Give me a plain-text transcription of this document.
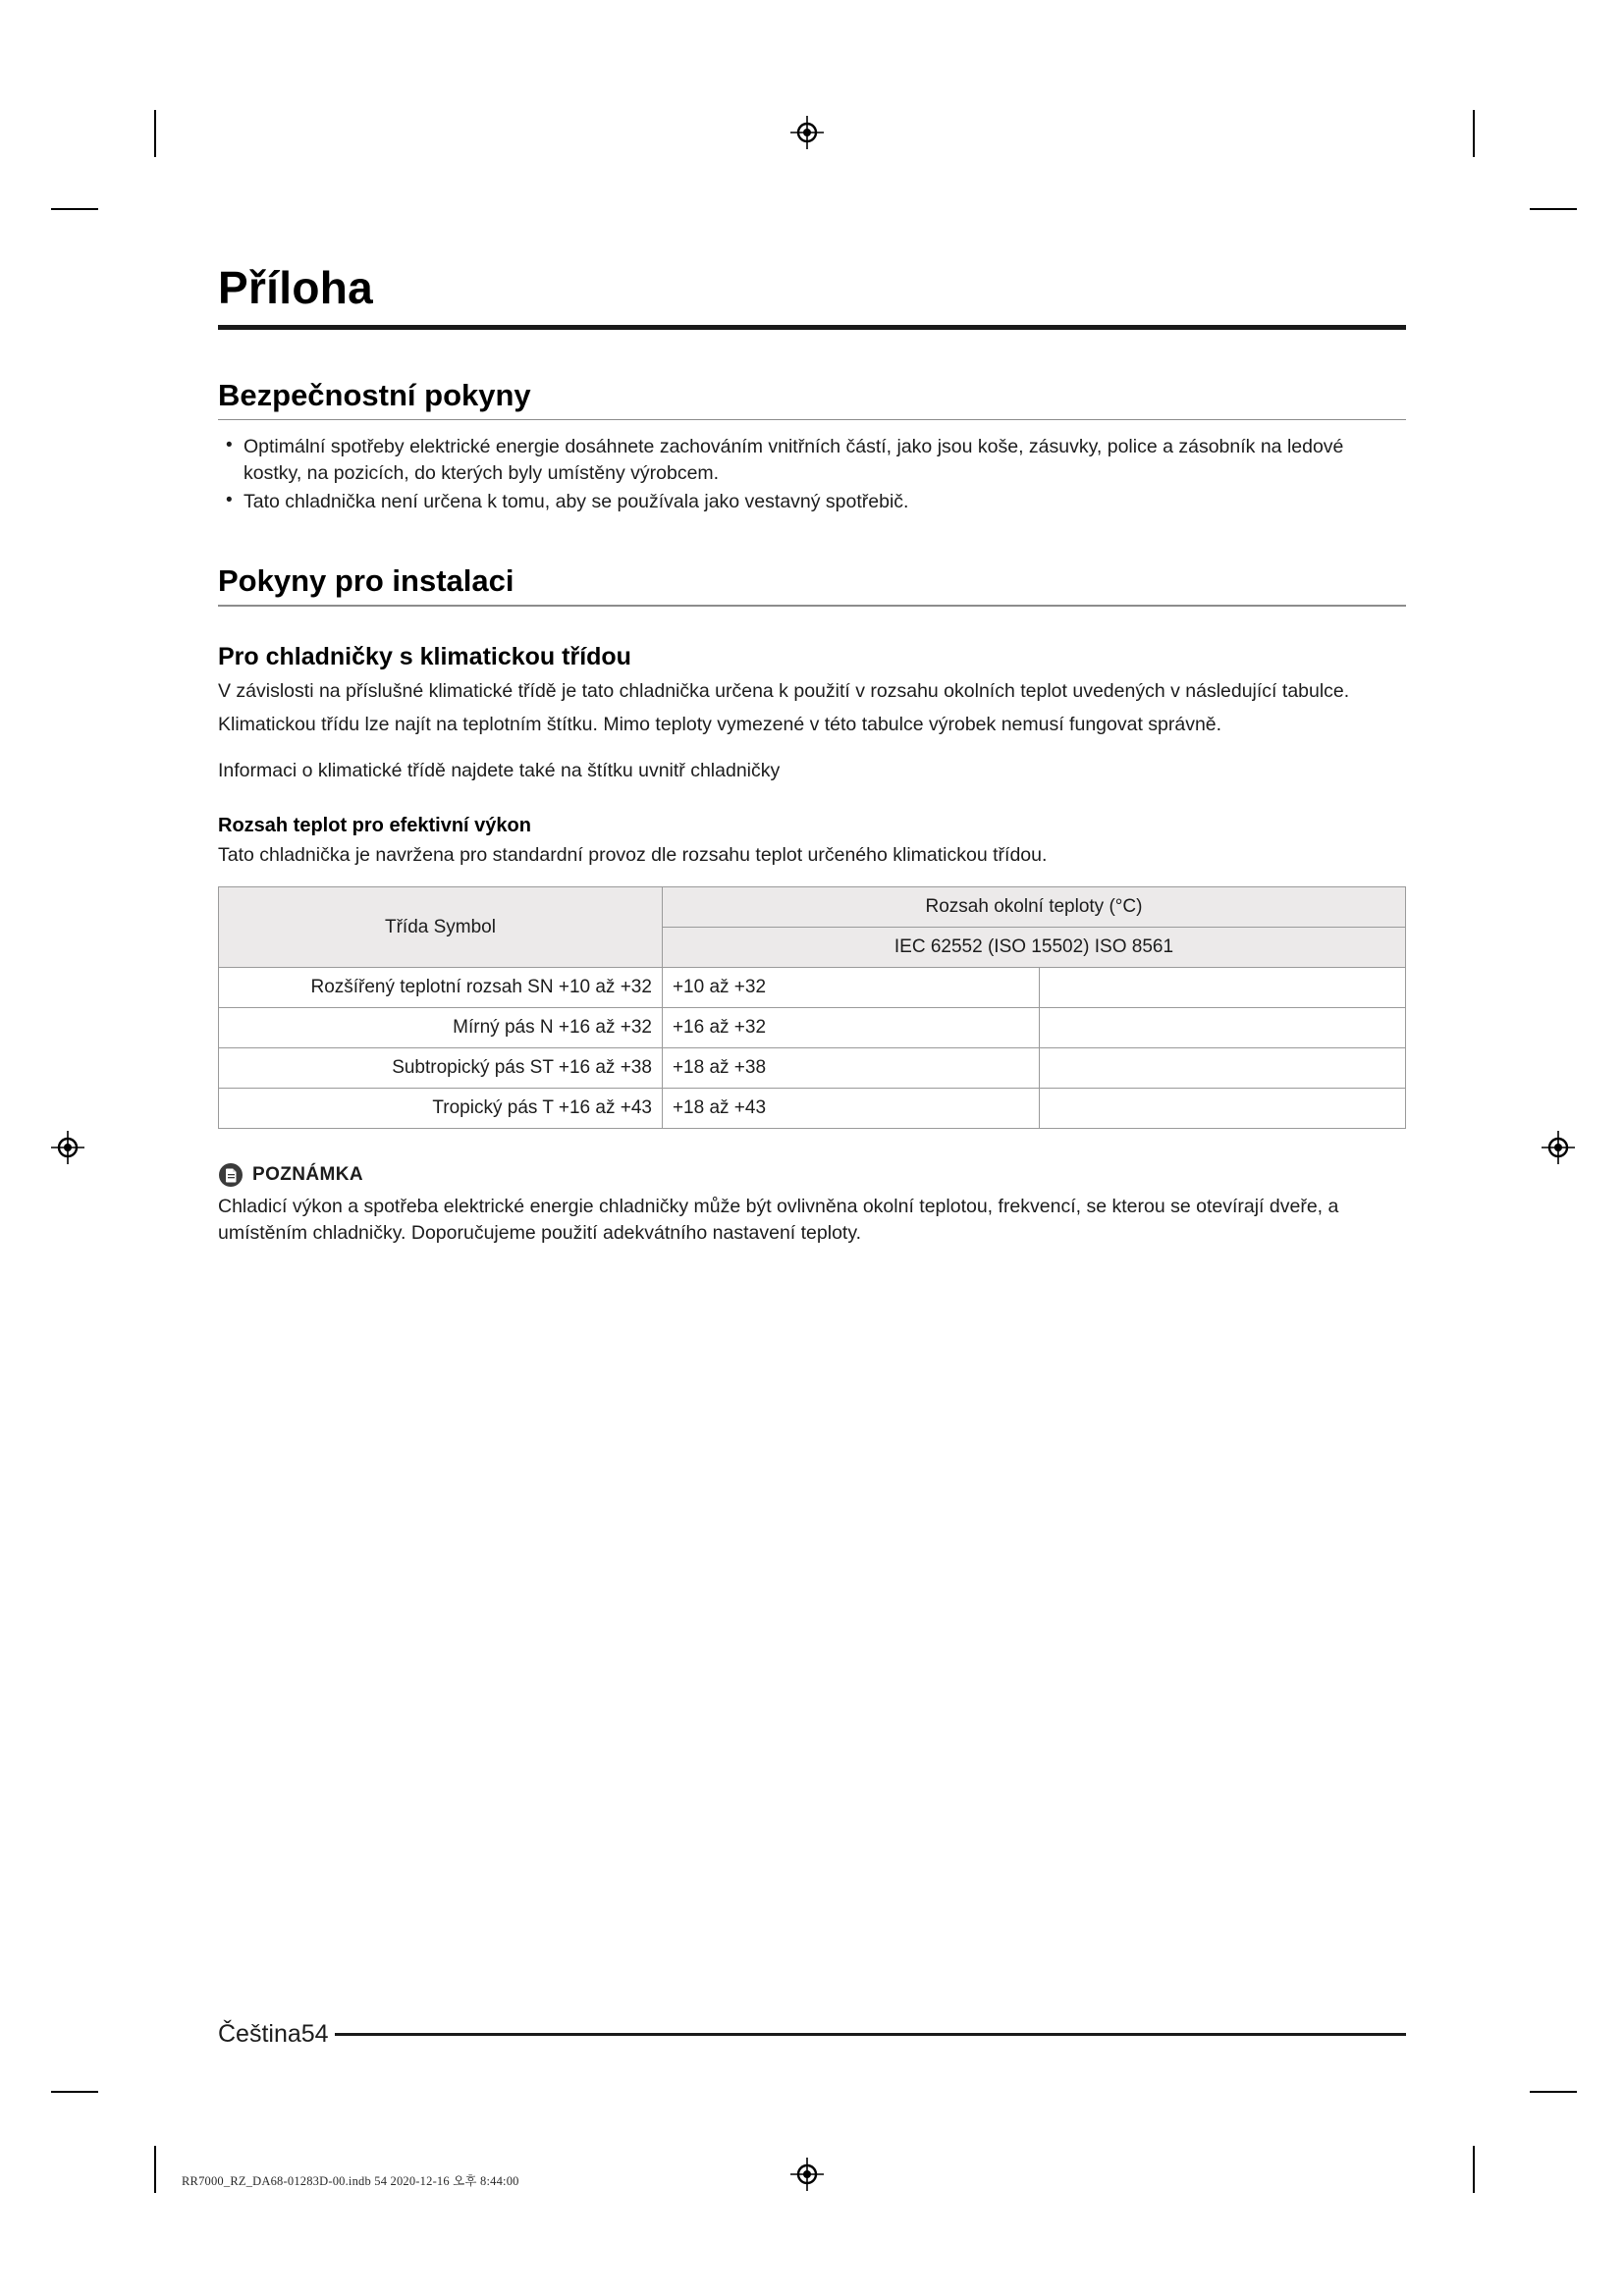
Příloha
Bezpečnostní pokyny
• Optimální spotřeby elektrické energie dosáhnete zachováním vnitřních částí, jako jsou koše, zásuvky, police a zásobník na ledové kostky, na pozicích, do kterých byly umístěny výrobcem.
• Tato chladnička není určena k tomu, aby se používala jako vestavný spotřebič.
Pokyny pro instalaci
Pro chladničky s klimatickou třídou

V závislosti na příslušné klimatické třídě je tato chladnička určena k použití v rozsahu okolních teplot uvedených v následující tabulce.

Klimatickou třídu lze najít na teplotním štítku. Mimo teploty vymezené v této tabulce výrobek nemusí fungovat správně.

Informaci o klimatické třídě najdete také na štítku uvnitř chladničky

Rozsah teplot pro efektivní výkon

Tato chladnička je navržena pro standardní provoz dle rozsahu teplot určeného klimatickou třídou.

Třída Symbol	Rozsah okolní teploty (°C)	
	IEC 62552 (ISO 15502) ISO 8561	
Rozšířený teplotní rozsah SN +10 až +32	+10 až +32	
Mírný pás N +16 až +32	+16 až +32	
Subtropický pás ST +16 až +38	+18 až +38	
Tropický pás T +16 až +43	+18 až +43	
POZNÁMKA
Chladicí výkon a spotřeba elektrické energie chladničky může být ovlivněna okolní teplotou, frekvencí, se kterou se otevírají dveře, a umístěním chladničky. Doporučujeme použití adekvátního nastavení teploty.
Čeština54
RR7000_RZ_DA68-01283D-00.indb 54 2020-12-16 오후 8:44:00
